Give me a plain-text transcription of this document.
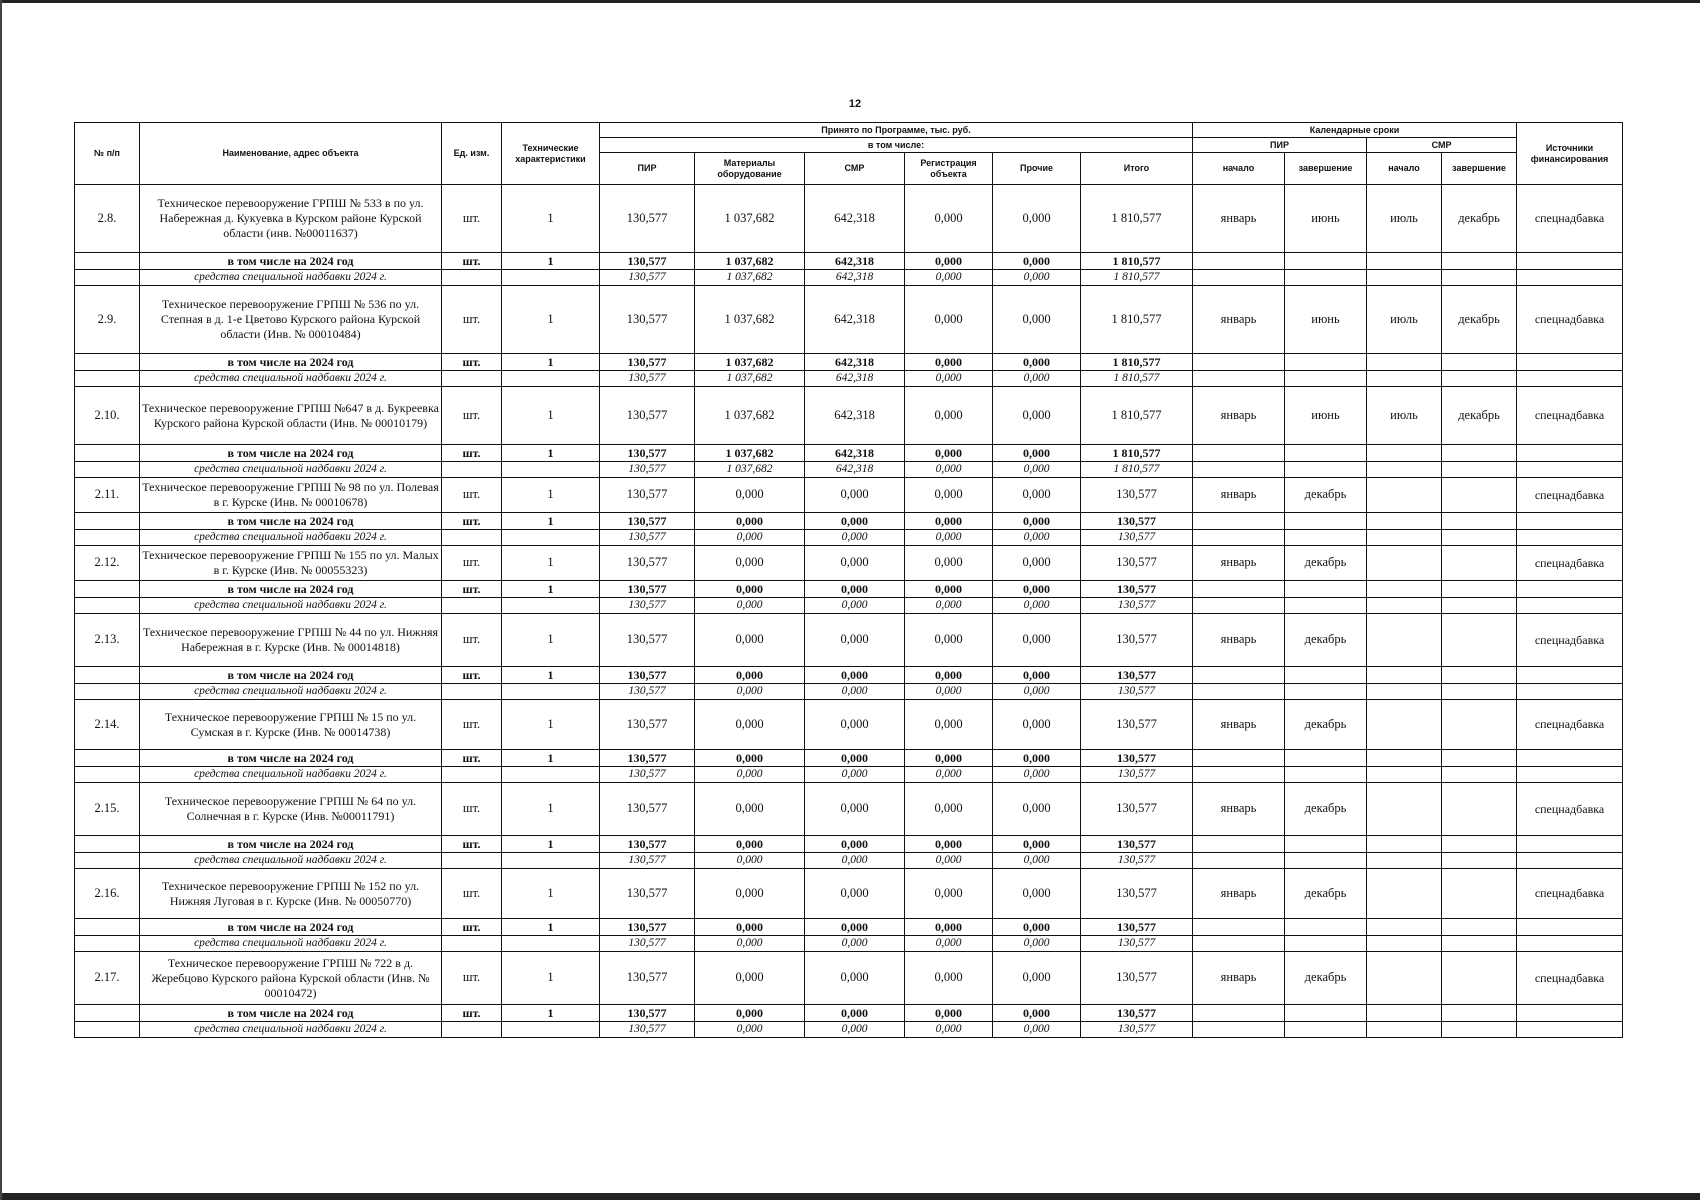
12
№ п/п	Наименование, адрес объекта	Ед. изм.	Технические характеристики	Принято по Программе, тыс. руб.						Календарные сроки				Источники финансирования
				в том числе:						ПИР		СМР		
				ПИР	Материалы оборудование	СМР	Регистрация объекта	Прочие	Итого	начало	завершение	начало	завершение	
2.8.	Техническое перевооружение ГРПШ № 533 в по ул. Набережная д. Кукуевка в Курском районе Курской области (инв. №00011637)	шт.	1	130,577	1 037,682	642,318	0,000	0,000	1 810,577	январь	июнь	июль	декабрь	спецнадбавка
	в том числе на 2024 год	шт.	1	130,577	1 037,682	642,318	0,000	0,000	1 810,577					
	средства специальной надбавки 2024 г.			130,577	1 037,682	642,318	0,000	0,000	1 810,577					
2.9.	Техническое перевооружение ГРПШ № 536 по ул. Степная в д. 1-е Цветово Курского района Курской области (Инв. № 00010484)	шт.	1	130,577	1 037,682	642,318	0,000	0,000	1 810,577	январь	июнь	июль	декабрь	спецнадбавка
	в том числе на 2024 год	шт.	1	130,577	1 037,682	642,318	0,000	0,000	1 810,577					
	средства специальной надбавки 2024 г.			130,577	1 037,682	642,318	0,000	0,000	1 810,577					
2.10.	Техническое перевооружение ГРПШ №647 в д. Букреевка Курского района Курской области (Инв. № 00010179)	шт.	1	130,577	1 037,682	642,318	0,000	0,000	1 810,577	январь	июнь	июль	декабрь	спецнадбавка
	в том числе на 2024 год	шт.	1	130,577	1 037,682	642,318	0,000	0,000	1 810,577					
	средства специальной надбавки 2024 г.			130,577	1 037,682	642,318	0,000	0,000	1 810,577					
2.11.	Техническое перевооружение ГРПШ № 98 по ул. Полевая в г. Курске (Инв. № 00010678)	шт.	1	130,577	0,000	0,000	0,000	0,000	130,577	январь	декабрь			спецнадбавка
	в том числе на 2024 год	шт.	1	130,577	0,000	0,000	0,000	0,000	130,577					
	средства специальной надбавки 2024 г.			130,577	0,000	0,000	0,000	0,000	130,577					
2.12.	Техническое перевооружение ГРПШ № 155 по ул. Малых в г. Курске (Инв. № 00055323)	шт.	1	130,577	0,000	0,000	0,000	0,000	130,577	январь	декабрь			спецнадбавка
	в том числе на 2024 год	шт.	1	130,577	0,000	0,000	0,000	0,000	130,577					
	средства специальной надбавки 2024 г.			130,577	0,000	0,000	0,000	0,000	130,577					
2.13.	Техническое перевооружение ГРПШ № 44 по ул. Нижняя Набережная в г. Курске (Инв. № 00014818)	шт.	1	130,577	0,000	0,000	0,000	0,000	130,577	январь	декабрь			спецнадбавка
	в том числе на 2024 год	шт.	1	130,577	0,000	0,000	0,000	0,000	130,577					
	средства специальной надбавки 2024 г.			130,577	0,000	0,000	0,000	0,000	130,577					
2.14.	Техническое перевооружение ГРПШ № 15 по ул. Сумская в г. Курске (Инв. № 00014738)	шт.	1	130,577	0,000	0,000	0,000	0,000	130,577	январь	декабрь			спецнадбавка
	в том числе на 2024 год	шт.	1	130,577	0,000	0,000	0,000	0,000	130,577					
	средства специальной надбавки 2024 г.			130,577	0,000	0,000	0,000	0,000	130,577					
2.15.	Техническое перевооружение ГРПШ № 64 по ул. Солнечная в г. Курске (Инв. №00011791)	шт.	1	130,577	0,000	0,000	0,000	0,000	130,577	январь	декабрь			спецнадбавка
	в том числе на 2024 год	шт.	1	130,577	0,000	0,000	0,000	0,000	130,577					
	средства специальной надбавки 2024 г.			130,577	0,000	0,000	0,000	0,000	130,577					
2.16.	Техническое перевооружение ГРПШ № 152 по ул. Нижняя Луговая в г. Курске (Инв. № 00050770)	шт.	1	130,577	0,000	0,000	0,000	0,000	130,577	январь	декабрь			спецнадбавка
	в том числе на 2024 год	шт.	1	130,577	0,000	0,000	0,000	0,000	130,577					
	средства специальной надбавки 2024 г.			130,577	0,000	0,000	0,000	0,000	130,577					
2.17.	Техническое перевооружение ГРПШ № 722 в д. Жеребцово Курского района Курской области (Инв. № 00010472)	шт.	1	130,577	0,000	0,000	0,000	0,000	130,577	январь	декабрь			спецнадбавка
	в том числе на 2024 год	шт.	1	130,577	0,000	0,000	0,000	0,000	130,577					
	средства специальной надбавки 2024 г.			130,577	0,000	0,000	0,000	0,000	130,577					
